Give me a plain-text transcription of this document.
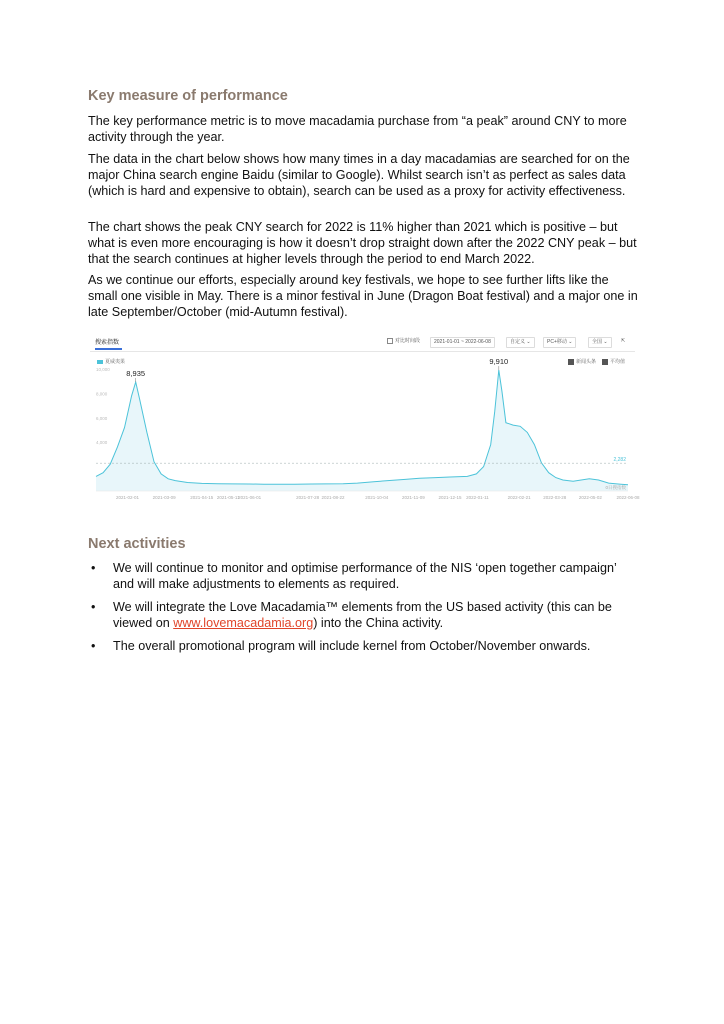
Key measure of performance

The key performance metric is to move macadamia purchase from “a peak” around CNY to more activity through the year.

The data in the chart below shows how many times in a day macadamias are searched for on the major China search engine Baidu (similar to Google). Whilst search isn’t as perfect as sales data (which is hard and expensive to obtain), search can be used as a proxy for activity effectiveness.

The chart shows the peak CNY search for 2022 is 11% higher than 2021 which is positive – but what is even more encouraging is how it doesn’t drop straight down after the 2022 CNY peak – but that the search continues at higher levels through the period to end March 2022.

As we continue our efforts, especially around key festivals, we hope to see further lifts like the small one visible in May. There is a minor festival in June (Dragon Boat festival) and a major one in late September/October (mid-Autumn festival).

搜索指数	对比时间段	2021-01-01 ~ 2022-06-08	自定义 ⌄	PC+移动 ⌄	全国 ⌄	⇱
夏威夷果	新闻头条	平均值
10,000
8,000
6,000
4,000
2,282
8,935
9,910
2021-02-01	2021-03-09	2021-04-15 2021-05-11
2021-06-01	2021-07-28 2021-08-22	2021-10-04	2021-11-09	2021-12-15 2022-01-11	2022-02-21	2022-03-28	2022-05-02	2022-06-08
0日搜指数
Next activities
• We will continue to monitor and optimise performance of the NIS ‘open together campaign’ and will make adjustments to elements as required.
• We will integrate the Love Macadamia™ elements from the US based activity (this can be viewed on www.lovemacadamia.org) into the China activity.
• The overall promotional program will include kernel from October/November onwards.
